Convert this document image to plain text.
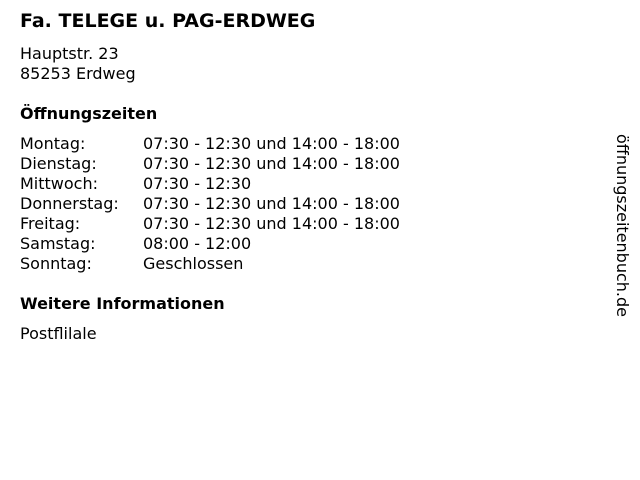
Fa. TELEGE u. PAG-ERDWEG
Hauptstr. 23
85253 Erdweg
Öffnungszeiten
Montag:	07:30 - 12:30 und 14:00 - 18:00
Dienstag:	07:30 - 12:30 und 14:00 - 18:00
Mittwoch:	07:30 - 12:30
Donnerstag:	07:30 - 12:30 und 14:00 - 18:00
Freitag:	07:30 - 12:30 und 14:00 - 18:00
Samstag:	08:00 - 12:00
Sonntag:	Geschlossen
Weitere Informationen
Postflilale
öffnungszeitenbuch.de
